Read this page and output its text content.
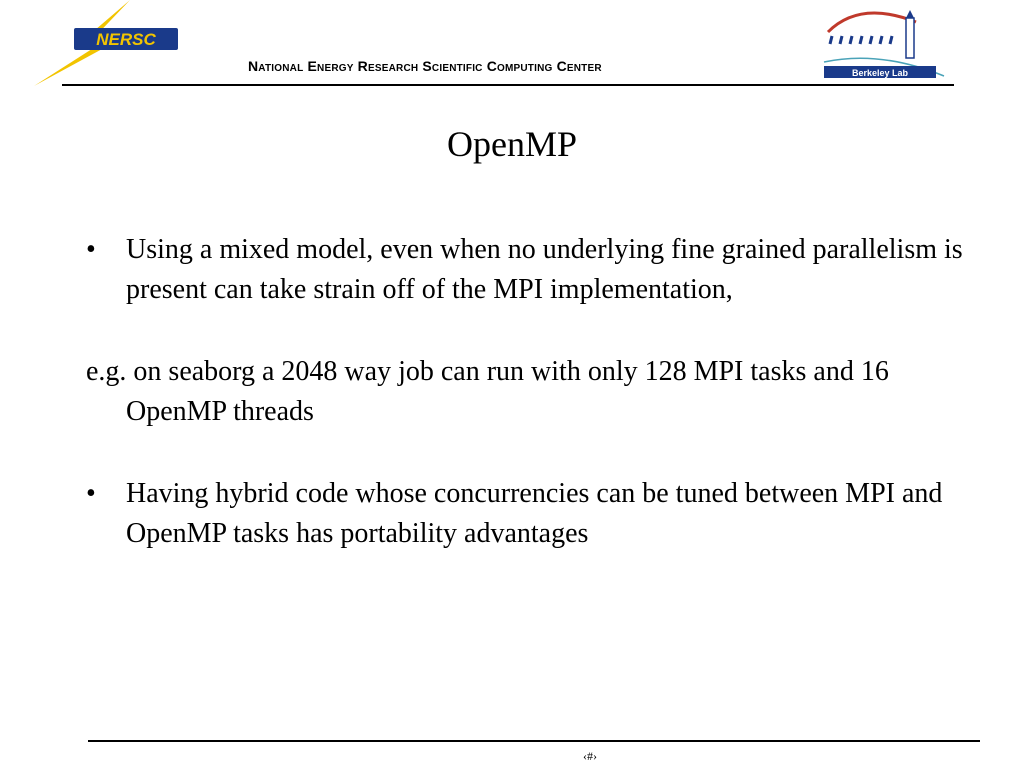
NERSC
National Energy Research Scientific Computing Center	Berkeley Lab
OpenMP
•	Using a mixed model, even when no underlying fine grained parallelism is present can take strain off of the MPI implementation,
e.g. on seaborg a 2048 way job can run with only 128 MPI tasks and 16 OpenMP threads
•	Having hybrid code whose concurrencies can be tuned between MPI and OpenMP tasks has portability advantages
‹#›
